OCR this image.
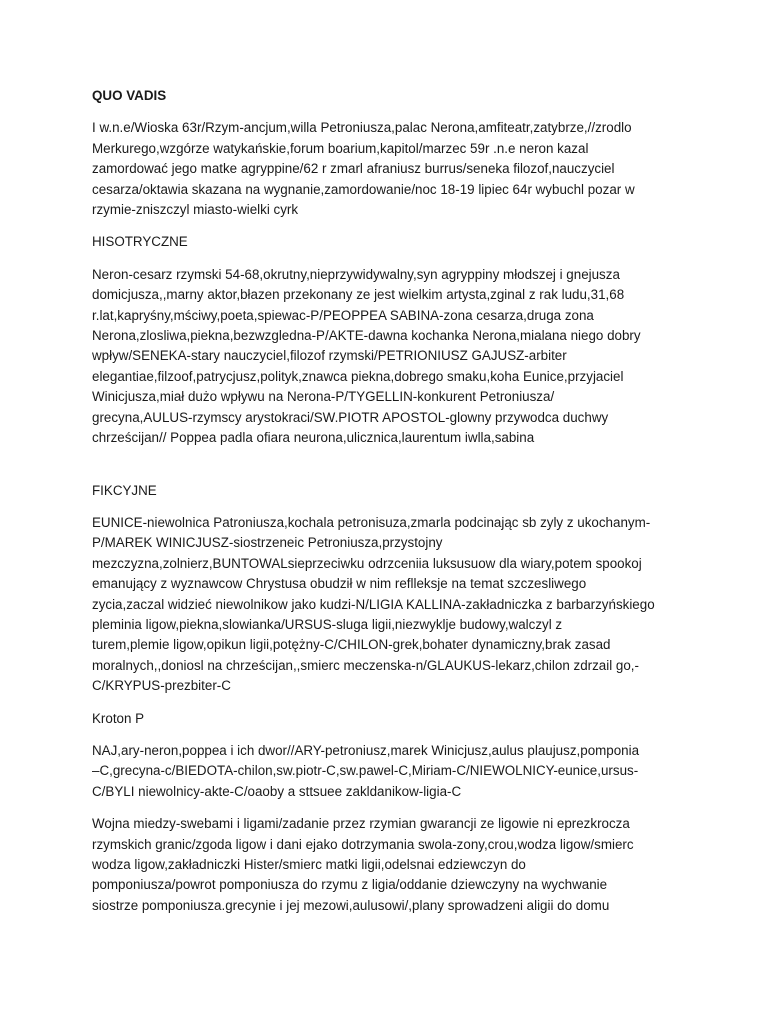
QUO VADIS
I w.n.e/Wioska 63r/Rzym-ancjum,willa Petroniusza,palac Nerona,amfiteatr,zatybrze,//zrodlo
Merkurego,wzgórze watykańskie,forum boarium,kapitol/marzec 59r .n.e neron kazal
zamordować jego matke agryppine/62 r zmarl afraniusz burrus/seneka filozof,nauczyciel
cesarza/oktawia skazana na wygnanie,zamordowanie/noc 18-19 lipiec 64r wybuchl pozar w
rzymie-zniszczyl miasto-wielki cyrk
HISOTRYCZNE
Neron-cesarz rzymski 54-68,okrutny,nieprzywidywalny,syn agryppiny młodszej i gnejusza
domicjusza,,marny aktor,błazen przekonany ze jest wielkim artysta,zginal z rak ludu,31,68
r.lat,kapryśny,mściwy,poeta,spiewac-P/PEOPPEA SABINA-zona cesarza,druga zona
Nerona,zlosliwa,piekna,bezwzgledna-P/AKTE-dawna kochanka Nerona,mialana niego dobry
wpływ/SENEKA-stary nauczyciel,filozof rzymski/PETRIONIUSZ GAJUSZ-arbiter
elegantiae,filzoof,patrycjusz,polityk,znawca piekna,dobrego smaku,koha Eunice,przyjaciel
Winicjusza,miał dużo wpływu na Nerona-P/TYGELLIN-konkurent Petroniusza/
grecyna,AULUS-rzymscy arystokraci/SW.PIOTR APOSTOL-glowny przywodca duchwy
chrześcijan// Poppea padla ofiara neurona,ulicznica,laurentum iwlla,sabina
FIKCYJNE
EUNICE-niewolnica Patroniusza,kochala petronisuza,zmarla podcinając sb zyly z ukochanym-
P/MAREK WINICJUSZ-siostrzeneic Petroniusza,przystojny
mezczyzna,zolnierz,BUNTOWALsieprzeciwku odrzceniia luksusuow dla wiary,potem spookoj
emanujący z wyznawcow Chrystusa obudził w nim reflleksje na temat szczesliwego
zycia,zaczal widzieć niewolnikow jako kudzi-N/LIGIA KALLINA-zakładniczka z barbarzyńskiego
pleminia ligow,piekna,slowianka/URSUS-sluga ligii,niezwyklje budowy,walczyl z
turem,plemie ligow,opikun ligii,potężny-C/CHILON-grek,bohater dynamiczny,brak zasad
moralnych,,doniosl na chrześcijan,,smierc meczenska-n/GLAUKUS-lekarz,chilon zdrzail go,-
C/KRYPUS-prezbiter-C
Kroton P
NAJ,ary-neron,poppea i ich dwor//ARY-petroniusz,marek Winicjusz,aulus plaujusz,pomponia
–C,grecyna-c/BIEDOTA-chilon,sw.piotr-C,sw.pawel-C,Miriam-C/NIEWOLNICY-eunice,ursus-
C/BYLI niewolnicy-akte-C/oaoby a sttsuee zakldanikow-ligia-C
Wojna miedzy-swebami i ligami/zadanie przez rzymian gwarancji ze ligowie ni eprezkrocza
rzymskich granic/zgoda ligow i dani ejako dotrzymania swola-zony,crou,wodza ligow/smierc
wodza ligow,zakładniczki Hister/smierc matki ligii,odelsnai edziewczyn do
pomponiusza/powrot pomponiusza do rzymu z ligia/oddanie dziewczyny na wychwanie
siostrze pomponiusza.grecynie i jej mezowi,aulusowi/,plany sprowadzeni aligii do domu
